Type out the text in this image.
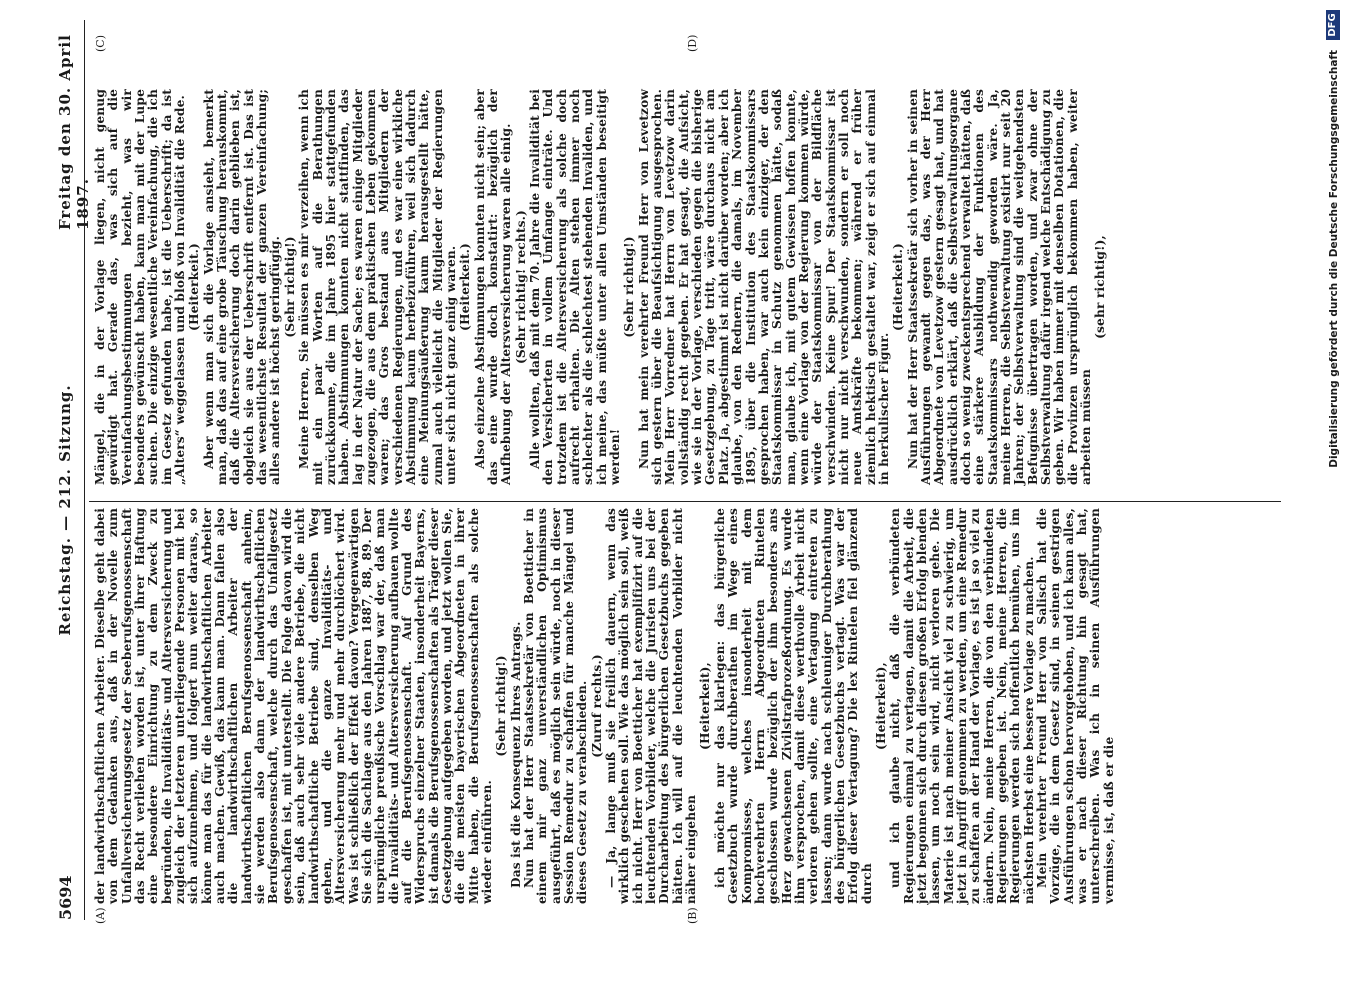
5694
Reichstag. — 212. Sitzung.
Freitag den 30. April 1897.
(A)	(B)
(C)	(D)

der landwirthschaftlichen Arbeiter. Dieselbe geht dabei von dem Gedanken aus, daß in der Novelle zum Unfallversicherungsgesetz der Seeberufsgenossenschaft das Recht verliehen worden ist, unter ihrer Haftung eine besondere Einrichtung zu dem Zweck zu begründen, die Invaliditäts- und Altersversicherung und zugleich der letzteren unterliegende Personen mit bei sich aufzunehmen, und folgert nun weiter daraus, so könne man das für die landwirthschaftlichen Arbeiter auch machen. Gewiß, das kann man. Dann fallen also die landwirthschaftlichen Arbeiter der landwirthschaftlichen Berufsgenossenschaft anheim, sie werden also dann der landwirthschaftlichen Berufsgenossenschaft, welche durch das Unfallgesetz geschaffen ist, mit unterstellt. Die Folge davon wird die sein, daß auch sehr viele andere Betriebe, die nicht landwirthschaftliche Betriebe sind, denselben Weg gehen, und die ganze Invaliditäts- und Altersversicherung mehr und mehr durchlöchert wird. Was ist schließlich der Effekt davon? Vergegenwärtigen Sie sich die Sachlage aus den Jahren 1887, 88, 89. Der ursprüngliche preußische Vorschlag war der, daß man die Invaliditäts- und Altersversicherung aufbauen wollte auf die Berufsgenossenschaft. Auf Grund des Widerspruchs einzelner Staaten, insonderheit Bayerns, ist damals die Berufsgenossenschaften als Träger dieser Gesetzgebung aufgegeben worden, und jetzt wollen Sie, die die meisten bayerischen Abgeordneten in ihrer Mitte haben, die Berufsgenossenschaften als solche wieder einführen.

(Sehr richtig!) Das ist die Konsequenz Ihres Antrags. Nun hat der Herr Staatssekretär von Boetticher in einem mir ganz unverständlichen Optimismus ausgeführt, daß es möglich sein würde, noch in dieser Session Remedur zu schaffen für manche Mängel und dieses Gesetz zu verabschieden. (Zuruf rechts.) — Ja, lange muß sie freilich dauern, wenn das wirklich geschehen soll. Wie das möglich sein soll, weiß ich nicht. Herr von Boetticher hat exemplifizirt auf die leuchtenden Vorbilder, welche die Juristen uns bei der Durcharbeitung des bürgerlichen Gesetzbuchs gegeben hätten. Ich will auf die leuchtenden Vorbilder nicht näher eingehen

(Heiterkeit), ich möchte nur das klarlegen: das bürgerliche Gesetzbuch wurde durchberathen im Wege eines Kompromisses, welches insonderheit mit dem hochverehrten Herrn Abgeordneten Rintelen geschlossen wurde bezüglich der ihm besonders ans Herz gewachsenen Zivilstrafprozeßordnung. Es wurde ihm versprochen, damit diese werthvolle Arbeit nicht verloren gehen sollte, eine Vertagung eintreten zu lassen; dann wurde nach schleuniger Durchberathung des bürgerlichen Gesetzbuchs vertagt. Was war der Erfolg dieser Vertagung? Die lex Rintelen fiel glänzend durch

(Heiterkeit), und ich glaube nicht, daß die verbündeten Regierungen einmal zu vertagen, damit die Arbeit, die jetzt begonnen sich durch diesen großen Erfolg blenden lassen, um noch sein wird, nicht verloren gehe. Die Materie ist nach meiner Ansicht viel zu schwierig, um jetzt in Angriff genommen zu werden, um eine Remedur zu schaffen an der Hand der Vorlage, es ist ja so viel zu ändern. Nein, meine Herren, die von den verbündeten Regierungen gegeben ist. Nein, meine Herren, die Regierungen werden sich hoffentlich bemühen, uns im nächsten Herbst eine bessere Vorlage zu machen. Mein verehrter Freund Herr von Salisch hat die Vorzüge, die in dem Gesetz sind, in seinen gestrigen Ausführungen schon hervorgehoben, und ich kann alles, was er nach dieser Richtung hin gesagt hat, unterschreiben. Was ich in seinen Ausführungen vermisse, ist, daß er die

Mängel, die in der Vorlage liegen, nicht genug gewürdigt hat. Gerade das, was sich auf die Vereinfachungsbestimmungen bezieht, was wir besonders gewünscht haben, kann man mit der Lupe suchen. Die einzige wesentliche Vereinfachung, die ich im Gesetz gefunden habe, ist die Ueberschrift; da ist „Alters“ weggelassen und bloß von Invalidität die Rede. (Heiterkeit.) Aber wenn man sich die Vorlage ansieht, bemerkt man, daß das auf eine grobe Täuschung herauskommt, daß die Altersversicherung doch darin geblieben ist, obgleich sie aus der Ueberschrift entfernt ist. Das ist das wesentlichste Resultat der ganzen Vereinfachung; alles andere ist höchst geringfügig. (Sehr richtig!) Meine Herren, Sie müssen es mir verzeihen, wenn ich mit ein paar Worten auf die Berathungen zurückkomme, die im Jahre 1895 hier stattgefunden haben. Abstimmungen konnten nicht stattfinden, das lag in der Natur der Sache; es waren einige Mitglieder zugezogen, die aus dem praktischen Leben gekommen waren; das Gros bestand aus Mitgliedern der verschiedenen Regierungen, und es war eine wirkliche Abstimmung kaum herbeizuführen, weil sich dadurch eine Meinungsäußerung kaum herausgestellt hätte, zumal auch vielleicht die Mitglieder der Regierungen unter sich nicht ganz einig waren. (Heiterkeit.) Also einzelne Abstimmungen konnten nicht sein; aber das eine wurde doch konstatirt: bezüglich der Aufhebung der Altersversicherung waren alle einig. (Sehr richtig! rechts.) Alle wollten, daß mit dem 70. Jahre die Invalidität bei den Versicherten in vollem Umfange einträte. Und trotzdem ist die Altersversicherung als solche doch aufrecht erhalten. Die Alten stehen immer noch schlechter als die schlechtest stehenden Invaliden, und ich meine, das müßte unter allen Umständen beseitigt werden!

(Sehr richtig!) Nun hat mein verehrter Freund Herr von Levetzow sich gestern über die Beaufsichtigung ausgesprochen. Mein Herr Vorredner hat Herrn von Levetzow darin vollständig recht gegeben. Er hat gesagt, die Aufsicht, wie sie in der Vorlage, verschieden gegen die bisherige Gesetzgebung, zu Tage tritt, wäre durchaus nicht am Platz. Ja, abgestimmt ist nicht darüber worden; aber ich glaube, von den Rednern, die damals, im November 1895, über die Institution des Staatskommissars gesprochen haben, war auch kein einziger, der den Staatskommissar in Schutz genommen hätte, sodaß man, glaube ich, mit gutem Gewissen hoffen konnte, wenn eine Vorlage von der Regierung kommen würde, würde der Staatskommissar von der Bildfläche verschwinden. Keine Spur! Der Staatskommissar ist nicht nur nicht verschwunden, sondern er soll noch neue Amtskräfte bekommen; während er früher ziemlich hektisch gestaltet war, zeigt er sich auf einmal in herkulischer Figur.

(Heiterkeit.) Nun hat der Herr Staatssekretär sich vorher in seinen Ausführungen gewandt gegen das, was der Herr Abgeordnete von Levetzow gestern gesagt hat, und hat ausdrücklich erklärt, daß die Selbstverwaltungsorgane doch so wenig zweckentsprechend verwaltet hätten, daß eine stärkere Ausbildung der Funktionen des Staatskommissars nothwendig geworden wäre. Ja, meine Herren, die Selbstverwaltung existirt nur seit 20 Jahren; der Selbstverwaltung sind die weitgehendsten Befugnisse übertragen worden, und zwar ohne der Selbstverwaltung dafür irgend welche Entschädigung zu geben. Wir haben immer mit denselben Dotationen, die die Provinzen ursprünglich bekommen haben, weiter arbeiten müssen

(sehr richtig!),

DFG
Digitalisierung gefördert durch die Deutsche Forschungsgemeinschaft
